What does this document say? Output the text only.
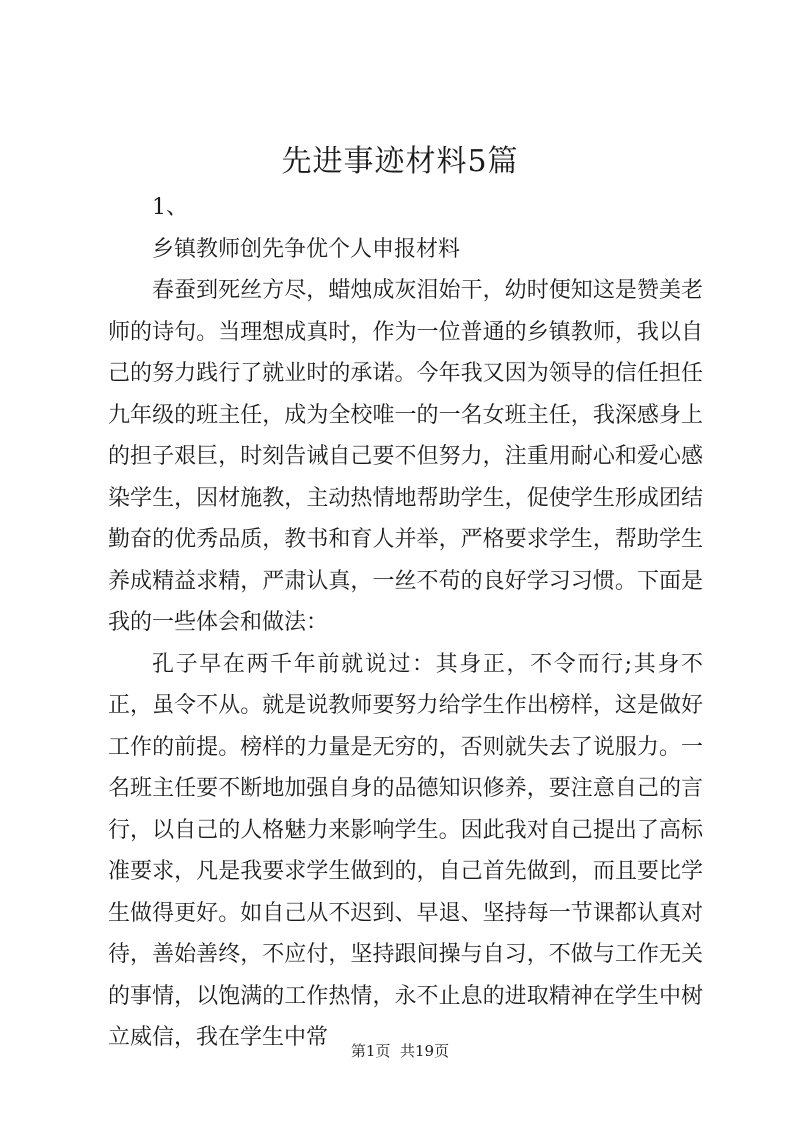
先进事迹材料5篇

1、

乡镇教师创先争优个人申报材料

春蚕到死丝方尽，蜡烛成灰泪始干，幼时便知这是赞美老师的诗句。当理想成真时，作为一位普通的乡镇教师，我以自己的努力践行了就业时的承诺。今年我又因为领导的信任担任九年级的班主任，成为全校唯一的一名女班主任，我深感身上的担子艰巨，时刻告诫自己要不但努力，注重用耐心和爱心感染学生，因材施教，主动热情地帮助学生，促使学生形成团结勤奋的优秀品质，教书和育人并举，严格要求学生，帮助学生养成精益求精，严肃认真，一丝不苟的良好学习习惯。下面是我的一些体会和做法：

孔子早在两千年前就说过：其身正，不令而行;其身不正，虽令不从。就是说教师要努力给学生作出榜样，这是做好工作的前提。榜样的力量是无穷的，否则就失去了说服力。一名班主任要不断地加强自身的品德知识修养，要注意自己的言行，以自己的人格魅力来影响学生。因此我对自己提出了高标准要求，凡是我要求学生做到的，自己首先做到，而且要比学生做得更好。如自己从不迟到、早退、坚持每一节课都认真对待，善始善终，不应付，坚持跟间操与自习，不做与工作无关的事情，以饱满的工作热情，永不止息的进取精神在学生中树立威信，我在学生中常

第1页 共19页
